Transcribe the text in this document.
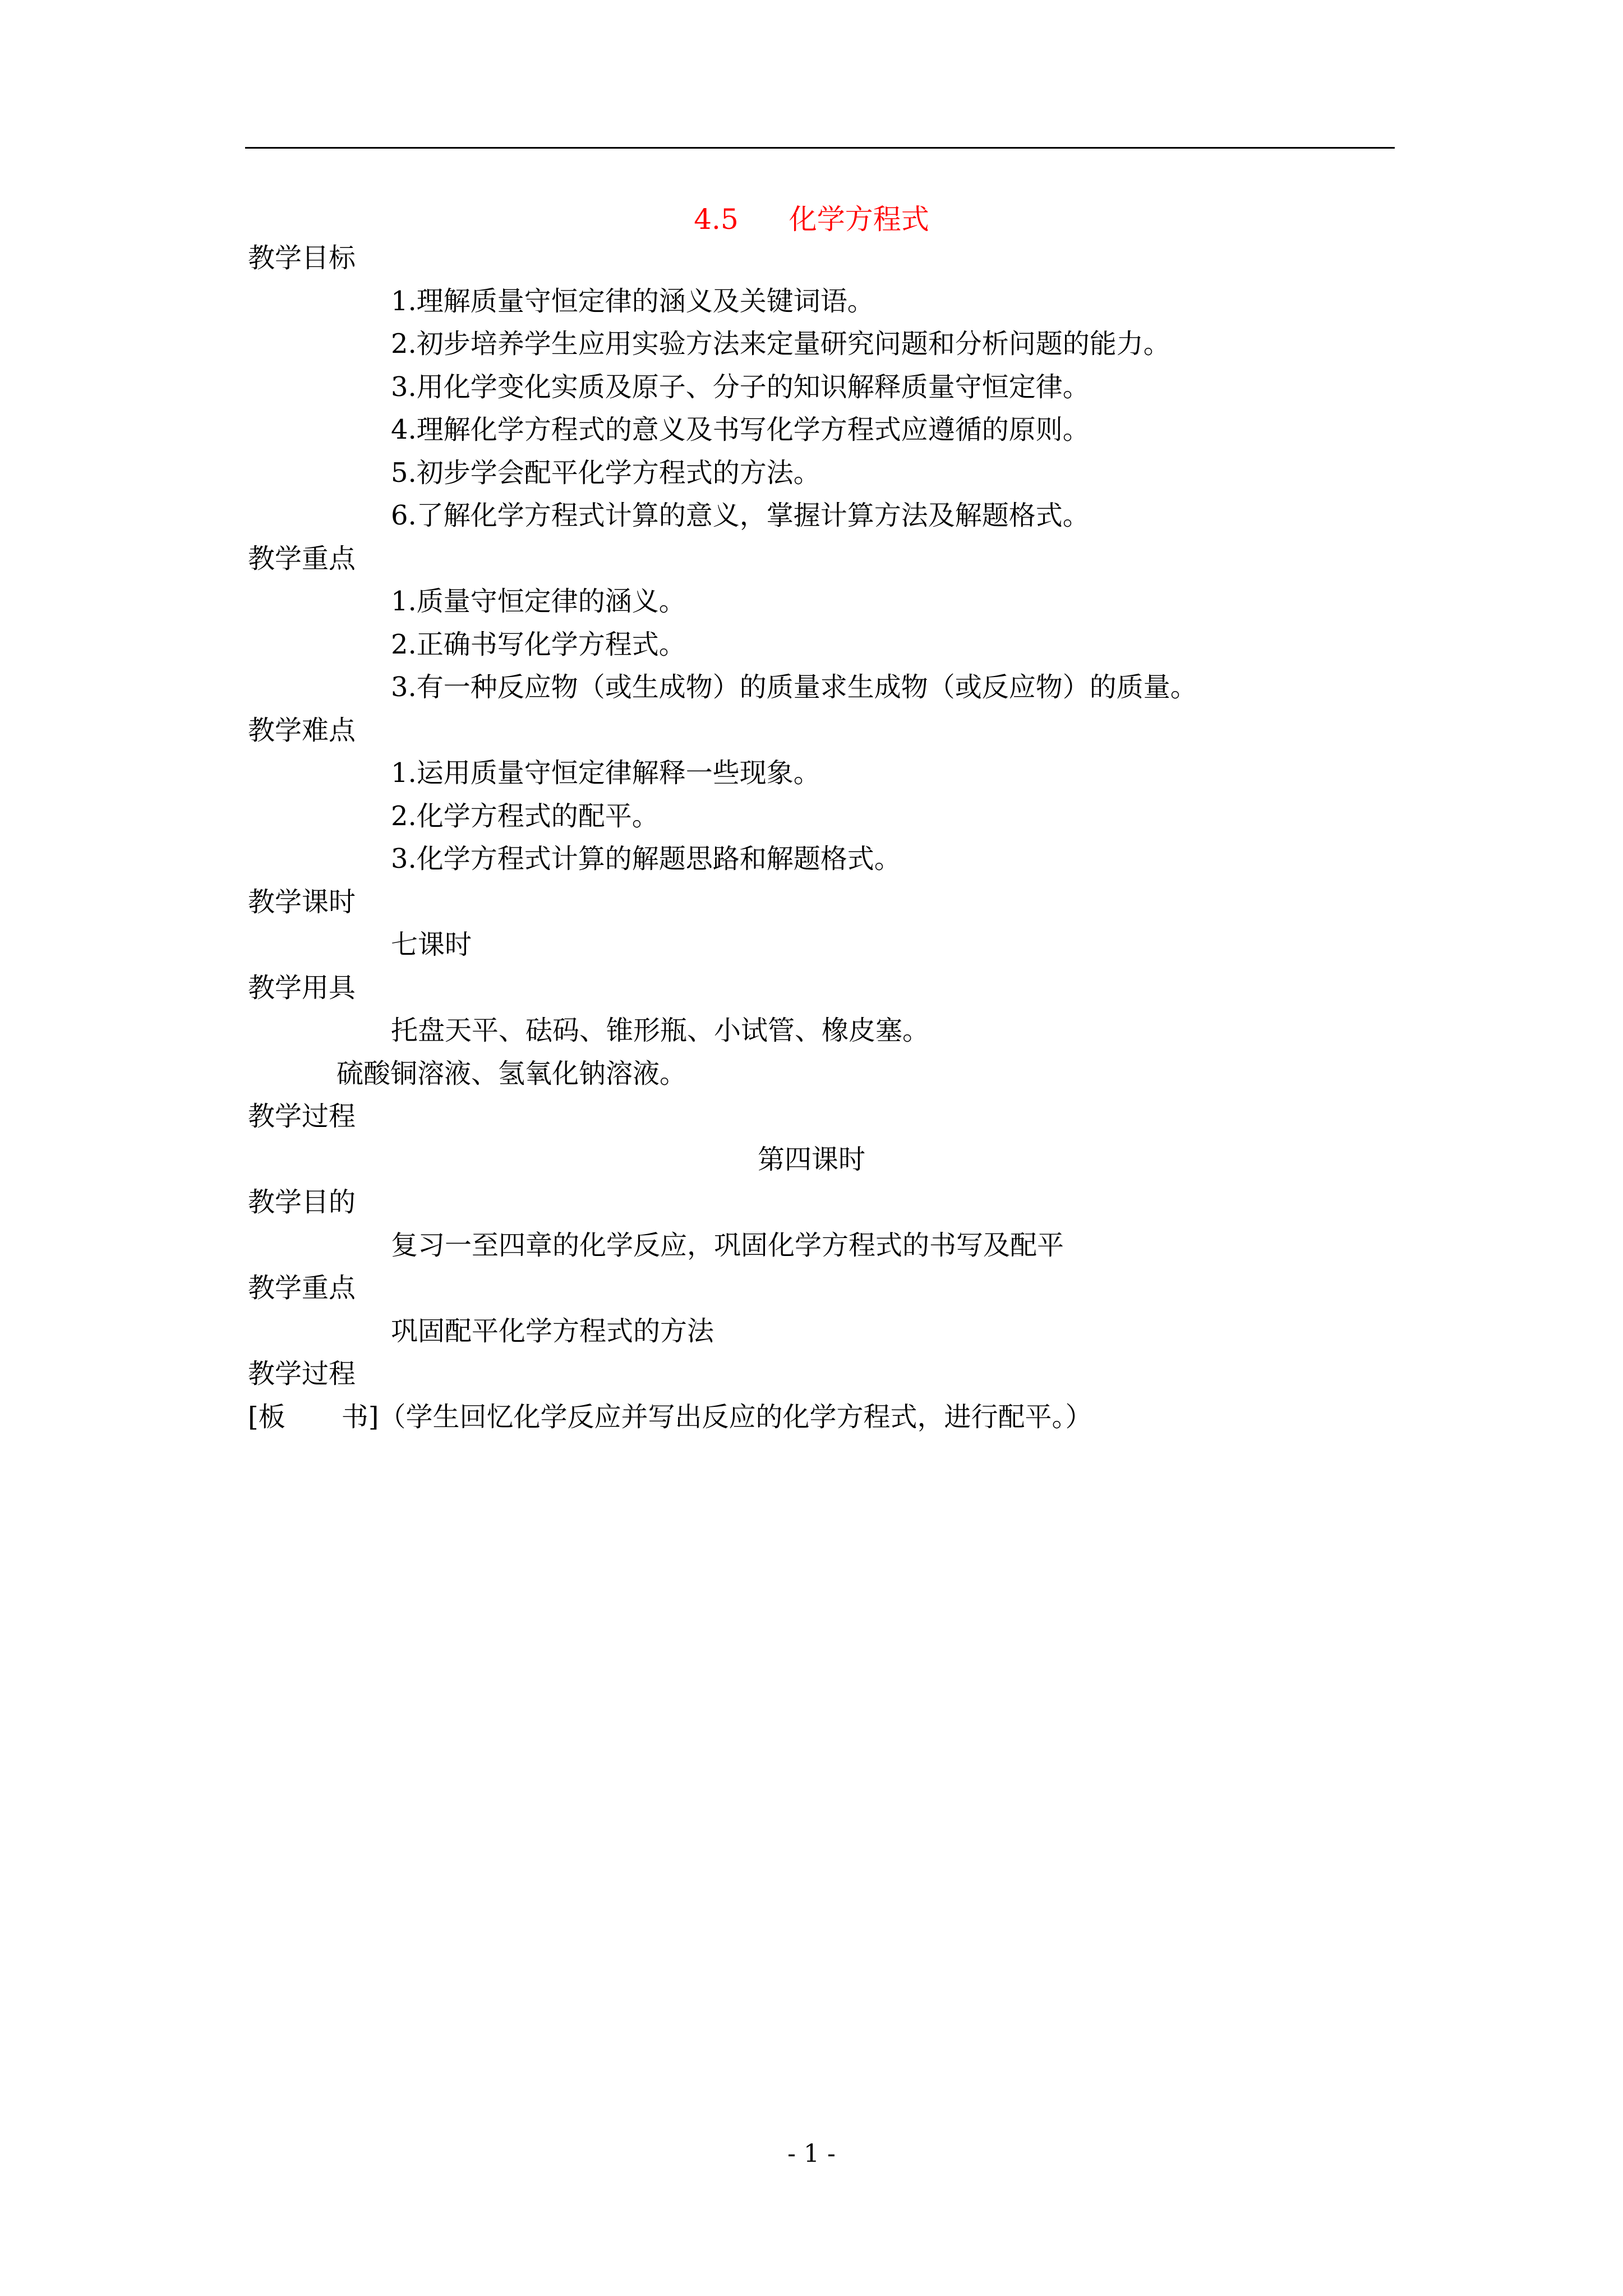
4.5 化学方程式
教学目标
1.理解质量守恒定律的涵义及关键词语。
2.初步培养学生应用实验方法来定量研究问题和分析问题的能力。
3.用化学变化实质及原子、分子的知识解释质量守恒定律。
4.理解化学方程式的意义及书写化学方程式应遵循的原则。
5.初步学会配平化学方程式的方法。
6.了解化学方程式计算的意义，掌握计算方法及解题格式。
教学重点
1.质量守恒定律的涵义。
2.正确书写化学方程式。
3.有一种反应物（或生成物）的质量求生成物（或反应物）的质量。
教学难点
1.运用质量守恒定律解释一些现象。
2.化学方程式的配平。
3.化学方程式计算的解题思路和解题格式。
教学课时
七课时
教学用具
托盘天平、砝码、锥形瓶、小试管、橡皮塞。
硫酸铜溶液、氢氧化钠溶液。
教学过程
第四课时
教学目的
复习一至四章的化学反应，巩固化学方程式的书写及配平
教学重点
巩固配平化学方程式的方法
教学过程
[板 书]（学生回忆化学反应并写出反应的化学方程式，进行配平。）
- 1 -
